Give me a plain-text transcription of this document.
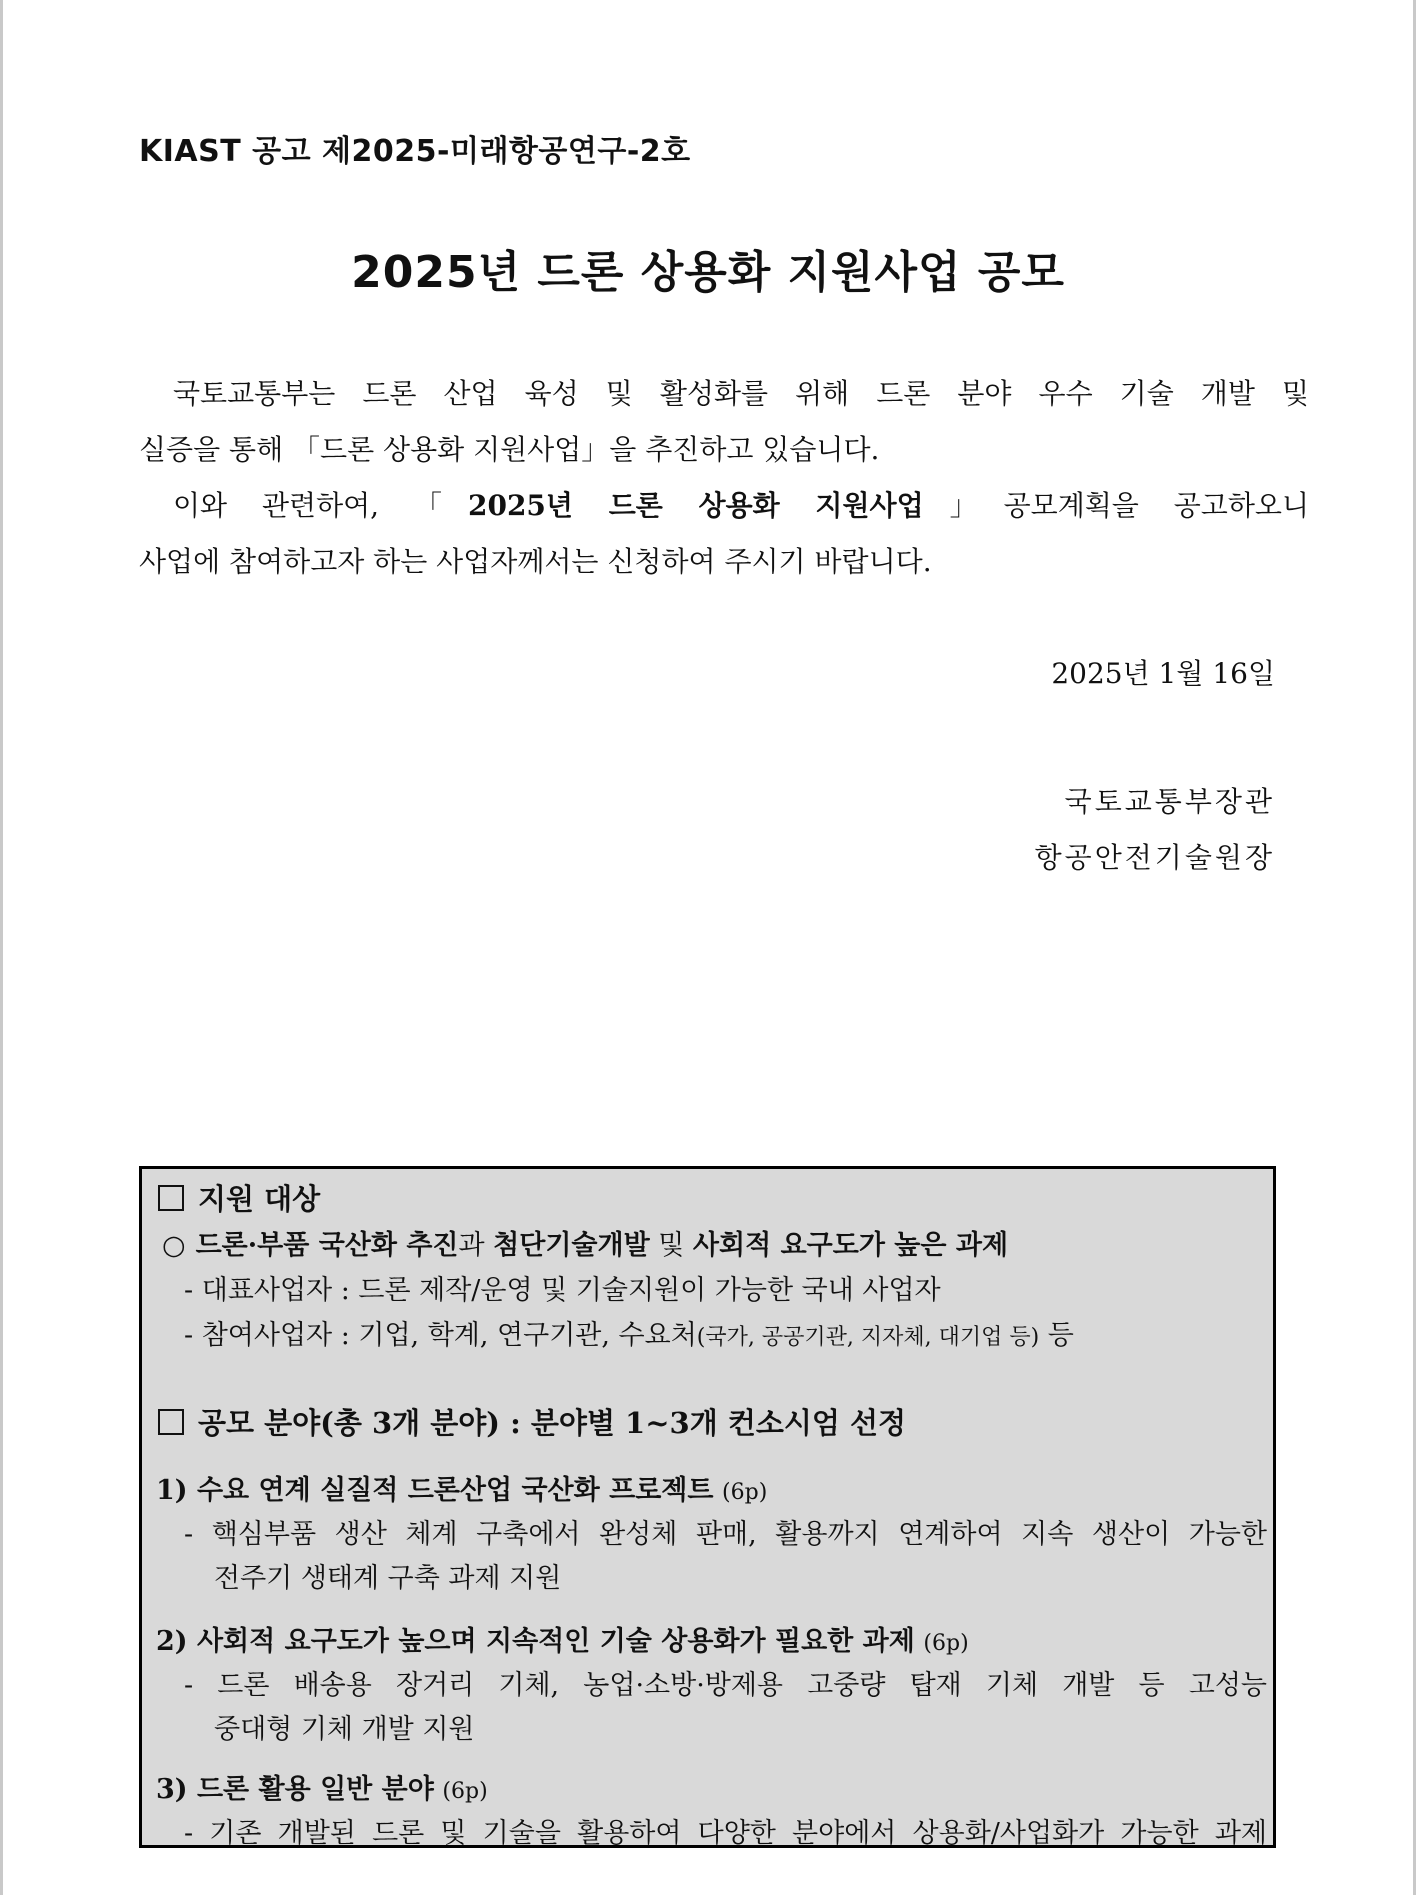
KIAST 공고 제2025-미래항공연구-2호
2025년 드론 상용화 지원사업 공모
국토교통부는 드론 산업 육성 및 활성화를 위해 드론 분야 우수 기술 개발 및
실증을 통해 「드론 상용화 지원사업」을 추진하고 있습니다.
이와 관련하여, 「2025년 드론 상용화 지원사업」공모계획을 공고하오니
사업에 참여하고자 하는 사업자께서는 신청하여 주시기 바랍니다.
2025년 1월 16일
국토교통부장관
항공안전기술원장
지원 대상
○ 드론·부품 국산화 추진과 첨단기술개발 및 사회적 요구도가 높은 과제
- 대표사업자 : 드론 제작/운영 및 기술지원이 가능한 국내 사업자
- 참여사업자 : 기업, 학계, 연구기관, 수요처(국가, 공공기관, 지자체, 대기업 등) 등
공모 분야(총 3개 분야) : 분야별 1~3개 컨소시엄 선정
1) 수요 연계 실질적 드론산업 국산화 프로젝트 (6p)
- 핵심부품 생산 체계 구축에서 완성체 판매, 활용까지 연계하여 지속 생산이 가능한
전주기 생태계 구축 과제 지원
2) 사회적 요구도가 높으며 지속적인 기술 상용화가 필요한 과제 (6p)
- 드론 배송용 장거리 기체, 농업·소방·방제용 고중량 탑재 기체 개발 등 고성능
중대형 기체 개발 지원
3) 드론 활용 일반 분야 (6p)
- 기존 개발된 드론 및 기술을 활용하여 다양한 분야에서 상용화/사업화가 가능한 과제
